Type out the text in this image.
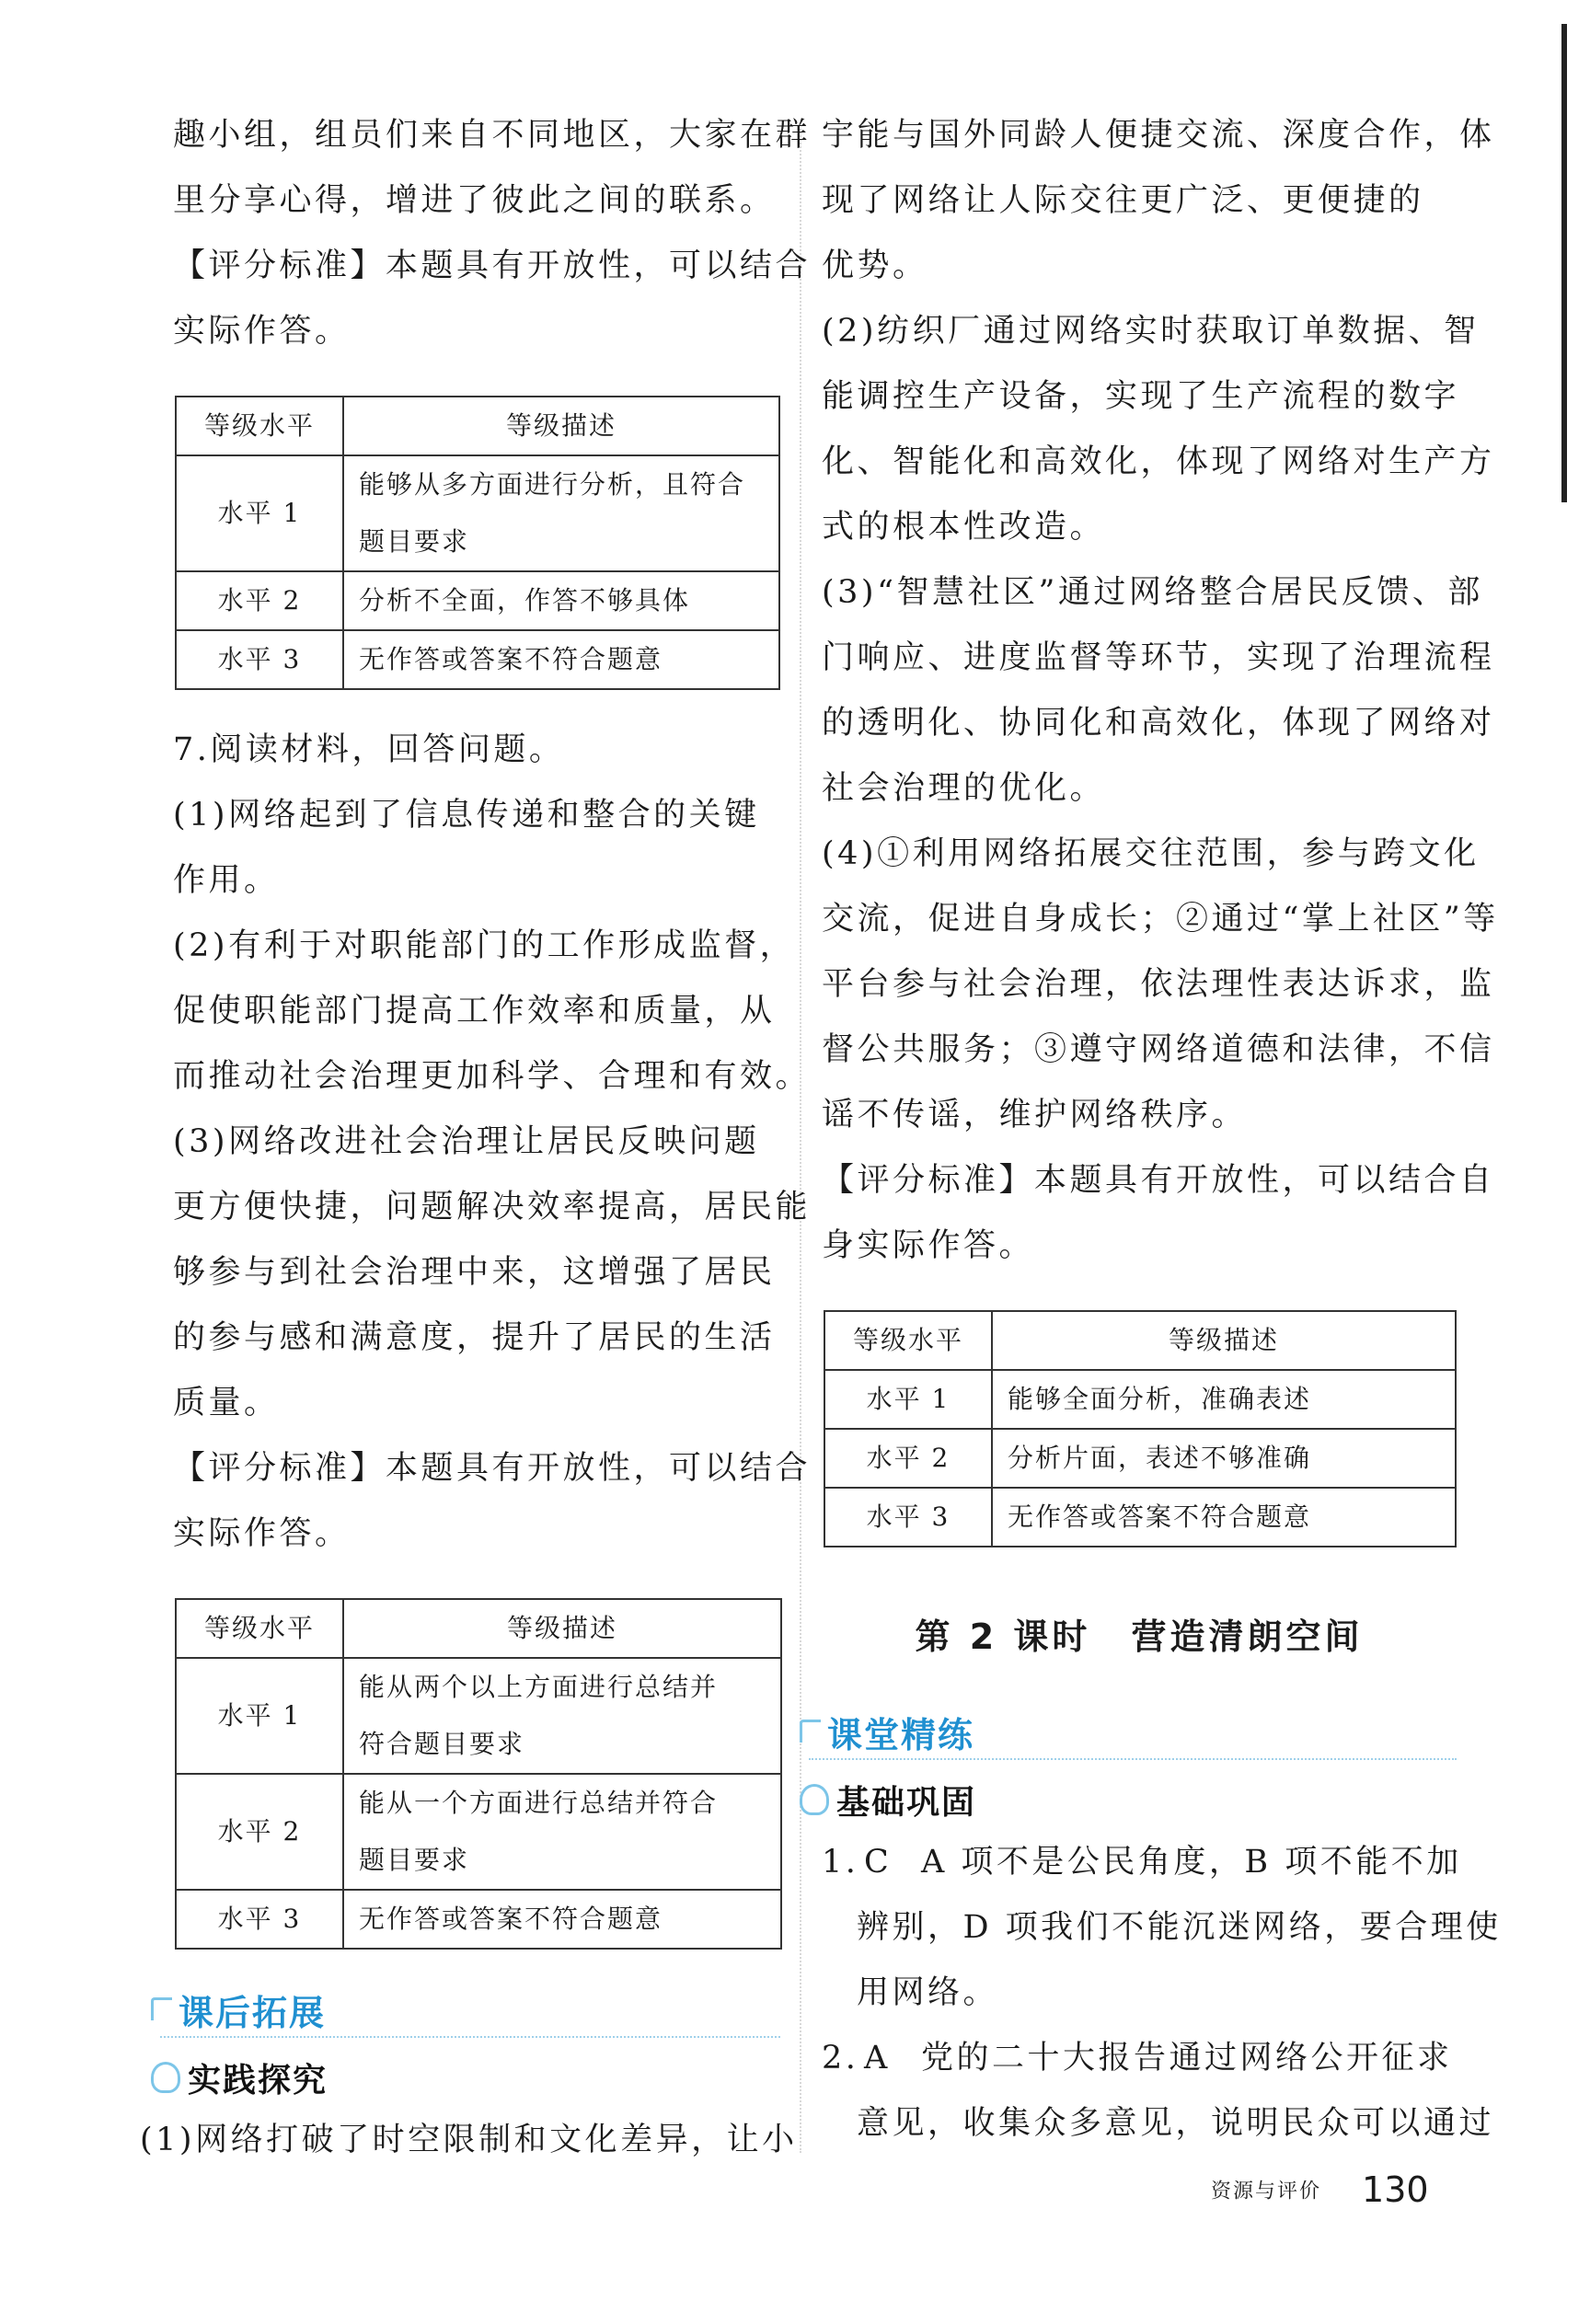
趣小组，组员们来自不同地区，大家在群

里分享心得，增进了彼此之间的联系。

【评分标准】本题具有开放性，可以结合

实际作答。

等级水平	等级描述
水平 1	能够从多方面进行分析，且符合
题目要求

水平 2	分析不全面，作答不够具体
水平 3	无作答或答案不符合题意

7.阅读材料，回答问题。

(1)网络起到了信息传递和整合的关键

作用。

(2)有利于对职能部门的工作形成监督，

促使职能部门提高工作效率和质量，从

而推动社会治理更加科学、合理和有效。

(3)网络改进社会治理让居民反映问题

更方便快捷，问题解决效率提高，居民能

够参与到社会治理中来，这增强了居民

的参与感和满意度，提升了居民的生活

质量。

【评分标准】本题具有开放性，可以结合

实际作答。

等级水平	等级描述
水平 1	能从两个以上方面进行总结并
符合题目要求

水平 2	能从一个方面进行总结并符合
题目要求

水平 3	无作答或答案不符合题意
课后拓展
实践探究

(1)网络打破了时空限制和文化差异，让小

宇能与国外同龄人便捷交流、深度合作，体

现了网络让人际交往更广泛、更便捷的

优势。

(2)纺织厂通过网络实时获取订单数据、智

能调控生产设备，实现了生产流程的数字

化、智能化和高效化，体现了网络对生产方

式的根本性改造。

(3)“智慧社区”通过网络整合居民反馈、部

门响应、进度监督等环节，实现了治理流程

的透明化、协同化和高效化，体现了网络对

社会治理的优化。

(4)①利用网络拓展交往范围，参与跨文化

交流，促进自身成长；②通过“掌上社区”等

平台参与社会治理，依法理性表达诉求，监

督公共服务；③遵守网络道德和法律，不信

谣不传谣，维护网络秩序。

【评分标准】本题具有开放性，可以结合自

身实际作答。

等级水平	等级描述
水平 1	能够全面分析，准确表述
水平 2	分析片面，表述不够准确
水平 3	无作答或答案不符合题意
第 2 课时 营造清朗空间
课堂精练
基础巩固

1. C A 项不是公民角度，B 项不能不加

辨别，D 项我们不能沉迷网络，要合理使

用网络。

2. A 党的二十大报告通过网络公开征求

意见，收集众多意见，说明民众可以通过

资源与评价 130
